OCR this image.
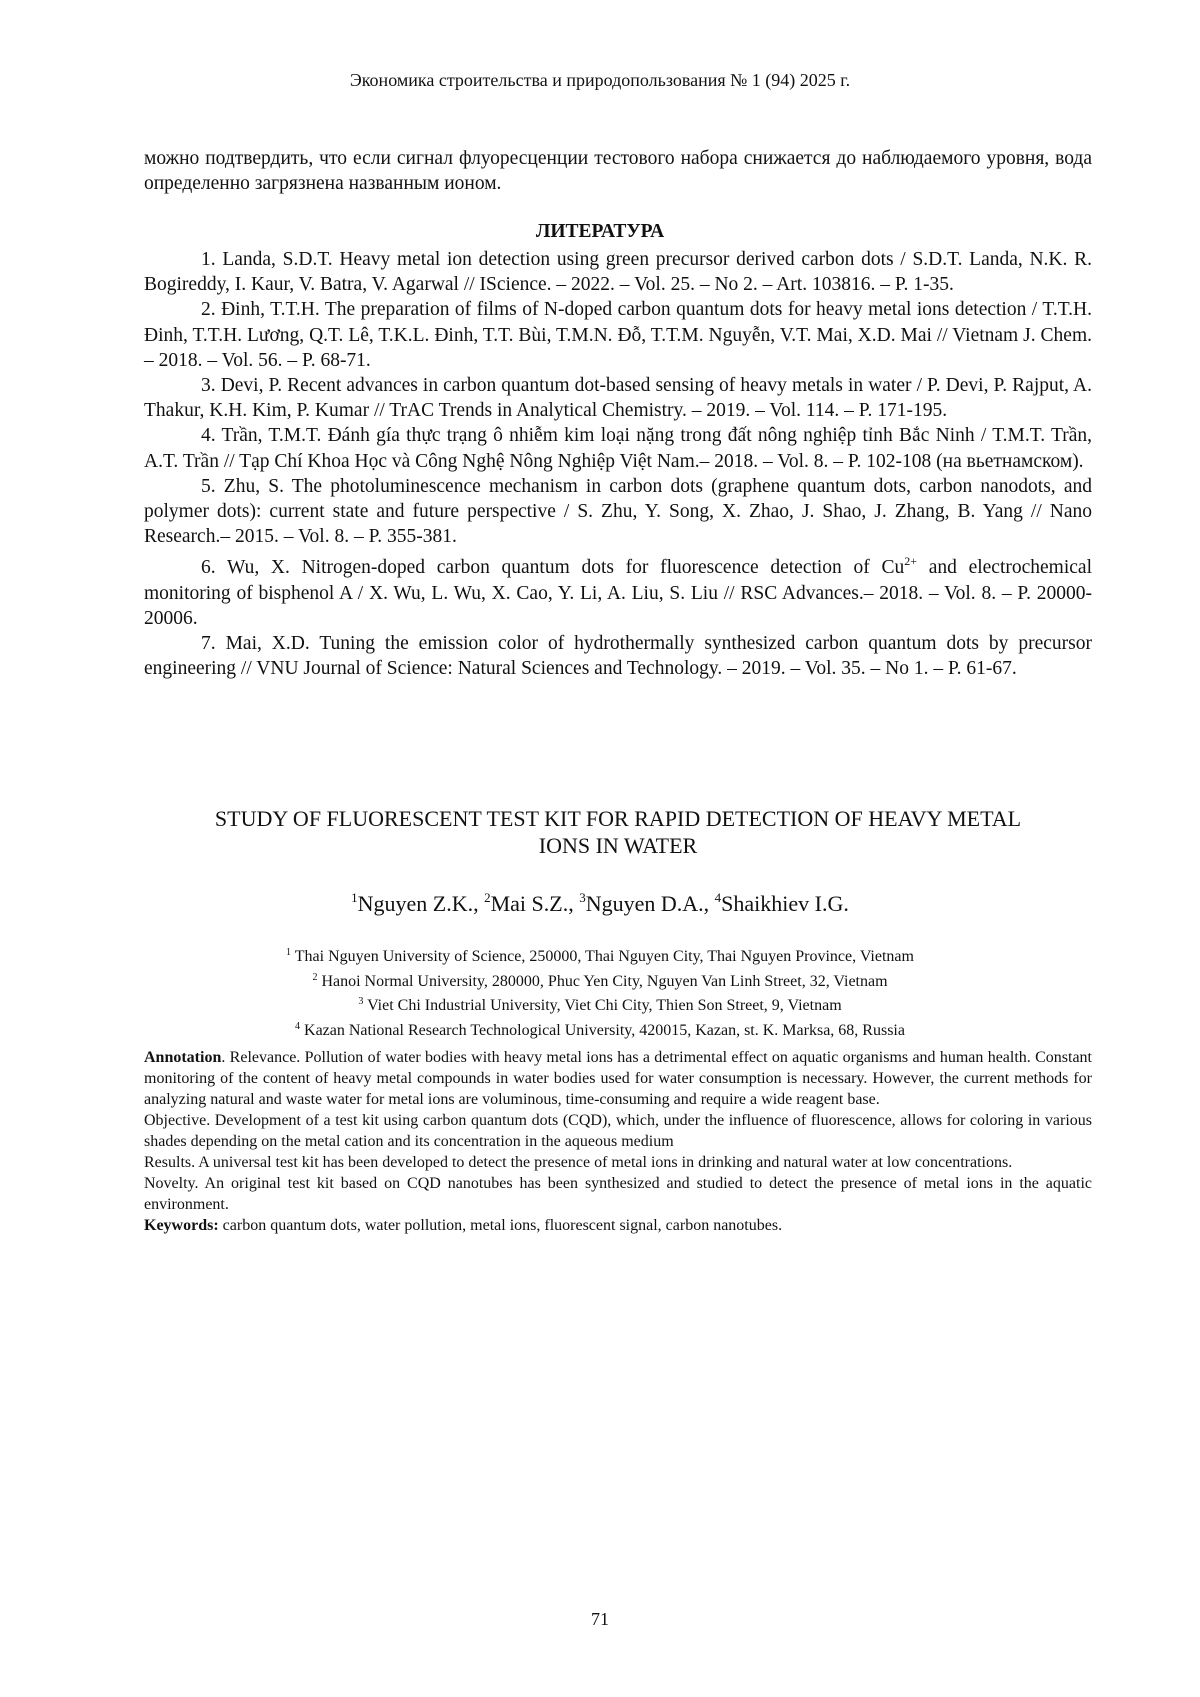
Экономика строительства и природопользования № 1 (94) 2025 г.
можно подтвердить, что если сигнал флуоресценции тестового набора снижается до наблюдаемого уровня, вода определенно загрязнена названным ионом.
ЛИТЕРАТУРА

1. Landa, S.D.T. Heavy metal ion detection using green precursor derived carbon dots / S.D.T. Landa, N.K. R. Bogireddy, I. Kaur, V. Batra, V. Agarwal // IScience. – 2022. – Vol. 25. – No 2. – Art. 103816. – P. 1-35.

2. Đinh, T.T.H. The preparation of films of N-doped carbon quantum dots for heavy metal ions detection / T.T.H. Đinh, T.T.H. Lương, Q.T. Lê, T.K.L. Đinh, T.T. Bùi, T.M.N. Đỗ, T.T.M. Nguyễn, V.T. Mai, X.D. Mai // Vietnam J. Chem. – 2018. – Vol. 56. – P. 68-71.

3. Devi, P. Recent advances in carbon quantum dot-based sensing of heavy metals in water / P. Devi, P. Rajput, A. Thakur, K.H. Kim, P. Kumar // TrAC Trends in Analytical Chemistry. – 2019. – Vol. 114. – P. 171-195.

4. Trần, T.M.T. Đánh gía thực trạng ô nhiễm kim loại nặng trong đất nông nghiệp tỉnh Bắc Ninh / T.M.T. Trần, A.T. Trần // Tạp Chí Khoa Học và Công Nghệ Nông Nghiệp Việt Nam.– 2018. – Vol. 8. – P. 102-108 (на вьетнамском).

5. Zhu, S. The photoluminescence mechanism in carbon dots (graphene quantum dots, carbon nanodots, and polymer dots): current state and future perspective / S. Zhu, Y. Song, X. Zhao, J. Shao, J. Zhang, B. Yang // Nano Research.– 2015. – Vol. 8. – P. 355-381.

6. Wu, X. Nitrogen-doped carbon quantum dots for fluorescence detection of $Cu^{2+}$ and electrochemical monitoring of bisphenol A / X. Wu, L. Wu, X. Cao, Y. Li, A. Liu, S. Liu // RSC Advances.– 2018. – Vol. 8. – P. 20000-20006.

7. Mai, X.D. Tuning the emission color of hydrothermally synthesized carbon quantum dots by precursor engineering // VNU Journal of Science: Natural Sciences and Technology. – 2019. – Vol. 35. – No 1. – P. 61-67.

STUDY OF FLUORESCENT TEST KIT FOR RAPID DETECTION OF HEAVY METAL
IONS IN WATER
$^1$Nguyen Z.K., $^2$Mai S.Z., $^3$Nguyen D.A., $^4$Shaikhiev I.G.
$^1$ Thai Nguyen University of Science, 250000, Thai Nguyen City, Thai Nguyen Province, Vietnam
$^2$ Hanoi Normal University, 280000, Phuc Yen City, Nguyen Van Linh Street, 32, Vietnam
$^3$ Viet Chi Industrial University, Viet Chi City, Thien Son Street, 9, Vietnam
$^4$ Kazan National Research Technological University, 420015, Kazan, st. K. Marksa, 68, Russia

Annotation. Relevance. Pollution of water bodies with heavy metal ions has a detrimental effect on aquatic organisms and human health. Constant monitoring of the content of heavy metal compounds in water bodies used for water consumption is necessary. However, the current methods for analyzing natural and waste water for metal ions are voluminous, time-consuming and require a wide reagent base.

Objective. Development of a test kit using carbon quantum dots (CQD), which, under the influence of fluorescence, allows for coloring in various shades depending on the metal cation and its concentration in the aqueous medium

Results. A universal test kit has been developed to detect the presence of metal ions in drinking and natural water at low concentrations.

Novelty. An original test kit based on CQD nanotubes has been synthesized and studied to detect the presence of metal ions in the aquatic environment.

Keywords: carbon quantum dots, water pollution, metal ions, fluorescent signal, carbon nanotubes.

71
